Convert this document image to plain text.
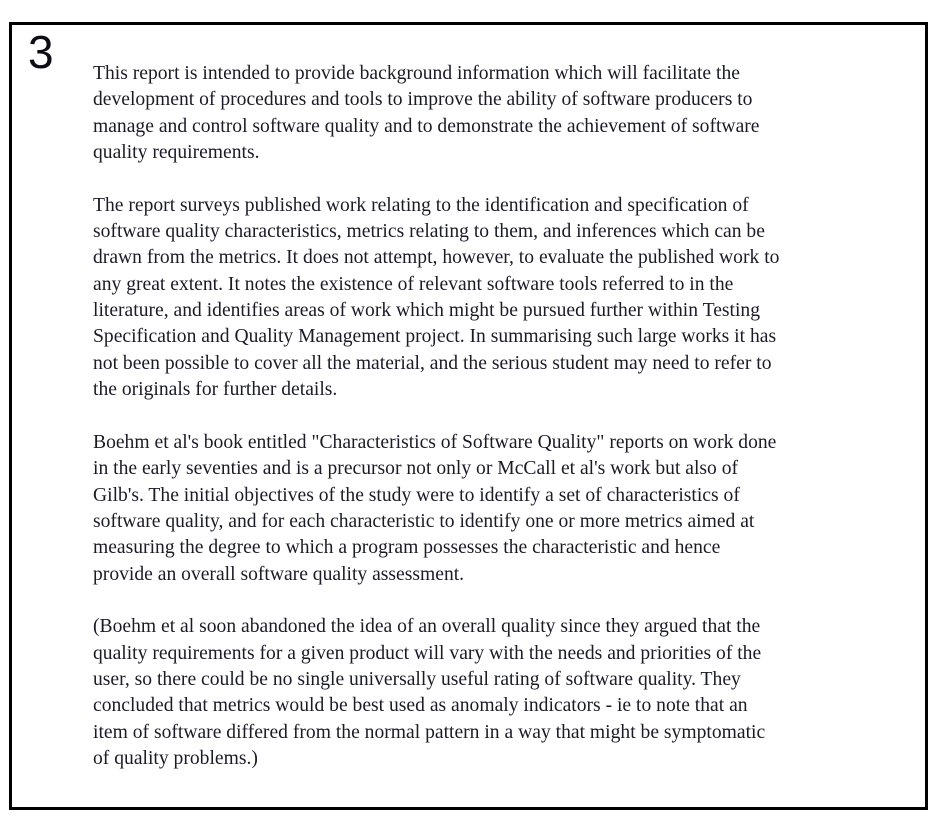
3 This report is intended to provide background information which will facilitate the
development of procedures and tools to improve the ability of software producers to
manage and control software quality and to demonstrate the achievement of software
quality requirements.

The report surveys published work relating to the identification and specification of
software quality characteristics, metrics relating to them, and inferences which can be
drawn from the metrics. It does not attempt, however, to evaluate the published work to
any great extent. It notes the existence of relevant software tools referred to in the
literature, and identifies areas of work which might be pursued further within Testing
Specification and Quality Management project. In summarising such large works it has
not been possible to cover all the material, and the serious student may need to refer to
the originals for further details.

Boehm et al's book entitled "Characteristics of Software Quality" reports on work done
in the early seventies and is a precursor not only or McCall et al's work but also of
Gilb's. The initial objectives of the study were to identify a set of characteristics of
software quality, and for each characteristic to identify one or more metrics aimed at
measuring the degree to which a program possesses the characteristic and hence
provide an overall software quality assessment.

(Boehm et al soon abandoned the idea of an overall quality since they argued that the
quality requirements for a given product will vary with the needs and priorities of the
user, so there could be no single universally useful rating of software quality. They
concluded that metrics would be best used as anomaly indicators - ie to note that an
item of software differed from the normal pattern in a way that might be symptomatic
of quality problems.)
